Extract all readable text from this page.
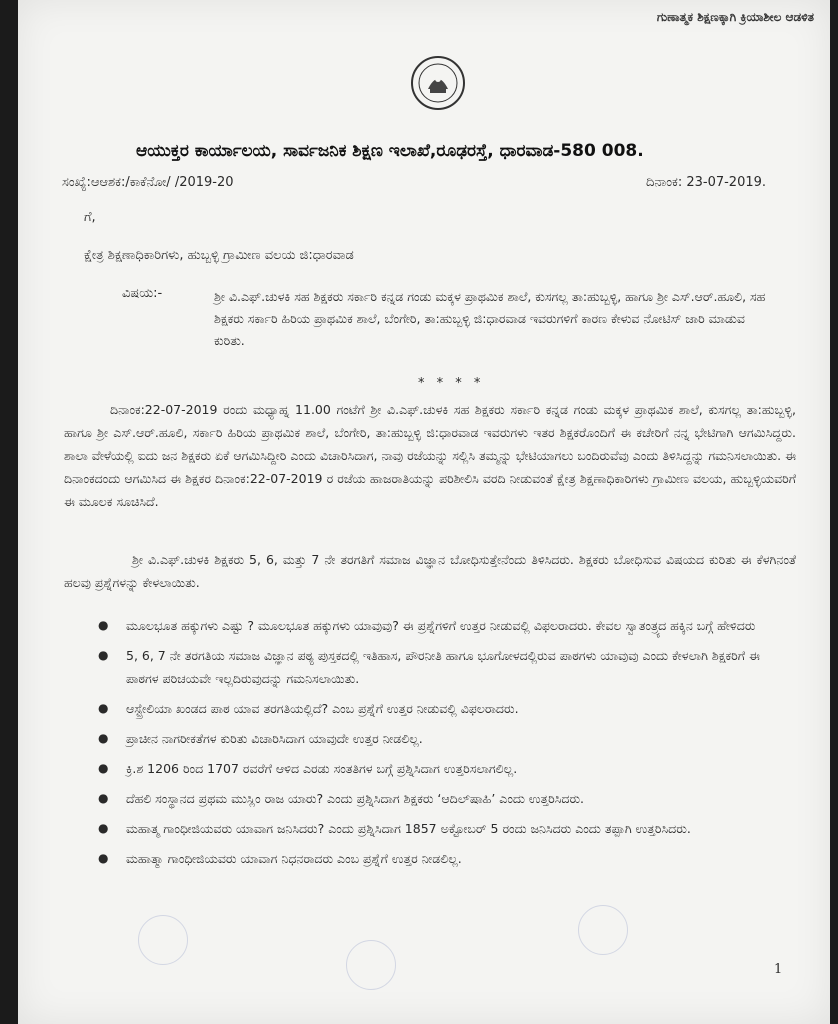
ಗುಣಾತ್ಮಕ ಶಿಕ್ಷಣಕ್ಕಾಗಿ ಕ್ರಿಯಾಶೀಲ ಆಡಳಿತ
ಆಯುಕ್ತರ ಕಾರ್ಯಾಲಯ, ಸಾರ್ವಜನಿಕ ಶಿಕ್ಷಣ ಇಲಾಖೆ,ರೂಢರಸ್ತೆ, ಧಾರವಾಡ-580 008.
ಸಂಖ್ಯೆ:ಆಆಶಕ:/ಕಾಕೆನೋ/ /2019-20	ದಿನಾಂಕ: 23-07-2019.
ಗೆ,
ಕ್ಷೇತ್ರ ಶಿಕ್ಷಣಾಧಿಕಾರಿಗಳು, ಹುಬ್ಬಳ್ಳಿ ಗ್ರಾಮೀಣ ವಲಯ ಜಿ:ಧಾರವಾಡ
ವಿಷಯ:-	ಶ್ರೀ ವಿ.ಎಫ್.ಚುಳಕಿ ಸಹ ಶಿಕ್ಷಕರು ಸರ್ಕಾರಿ ಕನ್ನಡ ಗಂಡು ಮಕ್ಕಳ ಪ್ರಾಥಮಿಕ ಶಾಲೆ, ಕುಸಗಲ್ಲ ತಾ:ಹುಬ್ಬಳ್ಳಿ, ಹಾಗೂ ಶ್ರೀ ಎಸ್.ಆರ್.ಹೂಲಿ, ಸಹ ಶಿಕ್ಷಕರು ಸರ್ಕಾರಿ ಹಿರಿಯ ಪ್ರಾಥಮಿಕ ಶಾಲೆ, ಬೆಂಗೇರಿ, ತಾ:ಹುಬ್ಬಳ್ಳಿ ಜಿ:ಧಾರವಾಡ ಇವರುಗಳಿಗೆ ಕಾರಣ ಕೇಳುವ ನೋಟಿಸ್ ಜಾರಿ ಮಾಡುವ ಕುರಿತು.
* * * *
ದಿನಾಂಕ:22-07-2019 ರಂದು ಮಧ್ಯಾಹ್ನ 11.00 ಗಂಟೆಗೆ ಶ್ರೀ ವಿ.ಎಫ್.ಚುಳಕಿ ಸಹ ಶಿಕ್ಷಕರು ಸರ್ಕಾರಿ ಕನ್ನಡ ಗಂಡು ಮಕ್ಕಳ ಪ್ರಾಥಮಿಕ ಶಾಲೆ, ಕುಸಗಲ್ಲ ತಾ:ಹುಬ್ಬಳ್ಳಿ, ಹಾಗೂ ಶ್ರೀ ಎಸ್.ಆರ್.ಹೂಲಿ, ಸರ್ಕಾರಿ ಹಿರಿಯ ಪ್ರಾಥಮಿಕ ಶಾಲೆ, ಬೆಂಗೇರಿ, ತಾ:ಹುಬ್ಬಳ್ಳಿ ಜಿ:ಧಾರವಾಡ ಇವರುಗಳು ಇತರ ಶಿಕ್ಷಕರೊಂದಿಗೆ ಈ ಕಚೇರಿಗೆ ನನ್ನ ಭೇಟಿಗಾಗಿ ಆಗಮಿಸಿದ್ದರು. ಶಾಲಾ ವೇಳೆಯಲ್ಲಿ ಐದು ಜನ ಶಿಕ್ಷಕರು ಏಕೆ ಆಗಮಿಸಿದ್ದೀರಿ ಎಂದು ವಿಚಾರಿಸಿದಾಗ, ನಾವು ರಜೆಯನ್ನು ಸಲ್ಲಿಸಿ ತಮ್ಮನ್ನು ಭೇಟಿಯಾಗಲು ಬಂದಿರುವೆವು ಎಂದು ತಿಳಿಸಿದ್ದನ್ನು ಗಮನಿಸಲಾಯಿತು. ಈ ದಿನಾಂಕದಂದು ಆಗಮಿಸಿದ ಈ ಶಿಕ್ಷಕರ ದಿನಾಂಕ:22-07-2019 ರ ರಜೆಯ ಹಾಜರಾತಿಯನ್ನು ಪರಿಶೀಲಿಸಿ ವರದಿ ನೀಡುವಂತೆ ಕ್ಷೇತ್ರ ಶಿಕ್ಷಣಾಧಿಕಾರಿಗಳು ಗ್ರಾಮೀಣ ವಲಯ, ಹುಬ್ಬಳ್ಳಿಯವರಿಗೆ ಈ ಮೂಲಕ ಸೂಚಿಸಿದೆ.
ಶ್ರೀ ವಿ.ಎಫ್.ಚುಳಕಿ ಶಿಕ್ಷಕರು 5, 6, ಮತ್ತು 7 ನೇ ತರಗತಿಗೆ ಸಮಾಜ ವಿಜ್ಞಾನ ಬೋಧಿಸುತ್ತೇನೆಂದು ತಿಳಿಸಿದರು. ಶಿಕ್ಷಕರು ಬೋಧಿಸುವ ವಿಷಯದ ಕುರಿತು ಈ ಕೆಳಗಿನಂತೆ ಹಲವು ಪ್ರಶ್ನೆಗಳನ್ನು ಕೇಳಲಾಯಿತು.
● ಮೂಲಭೂತ ಹಕ್ಕುಗಳು ಎಷ್ಟು ? ಮೂಲಭೂತ ಹಕ್ಕುಗಳು ಯಾವುವು? ಈ ಪ್ರಶ್ನೆಗಳಿಗೆ ಉತ್ತರ ನೀಡುವಲ್ಲಿ ವಿಫಲರಾದರು. ಕೇವಲ ಸ್ವಾತಂತ್ರ್ಯದ ಹಕ್ಕಿನ ಬಗ್ಗೆ ಹೇಳಿದರು
● 5, 6, 7 ನೇ ತರಗತಿಯ ಸಮಾಜ ವಿಜ್ಞಾನ ಪಠ್ಯ ಪುಸ್ತಕದಲ್ಲಿ ಇತಿಹಾಸ, ಪೌರನೀತಿ ಹಾಗೂ ಭೂಗೋಳದಲ್ಲಿರುವ ಪಾಠಗಳು ಯಾವುವು ಎಂದು ಕೇಳಲಾಗಿ ಶಿಕ್ಷಕರಿಗೆ ಈ ಪಾಠಗಳ ಪರಿಚಯವೇ ಇಲ್ಲದಿರುವುದನ್ನು ಗಮನಿಸಲಾಯಿತು.
● ಆಸ್ಟ್ರೇಲಿಯಾ ಖಂಡದ ಪಾಠ ಯಾವ ತರಗತಿಯಲ್ಲಿದೆ? ಎಂಬ ಪ್ರಶ್ನೆಗೆ ಉತ್ತರ ನೀಡುವಲ್ಲಿ ವಿಫಲರಾದರು.
● ಪ್ರಾಚೀನ ನಾಗರೀಕತೆಗಳ ಕುರಿತು ವಿಚಾರಿಸಿದಾಗ ಯಾವುದೇ ಉತ್ತರ ನೀಡಲಿಲ್ಲ.
● ಕ್ರಿ.ಶ 1206 ರಿಂದ 1707 ರವರೆಗೆ ಆಳಿದ ಎರಡು ಸಂತತಿಗಳ ಬಗ್ಗೆ ಪ್ರಶ್ನಿಸಿದಾಗ ಉತ್ತರಿಸಲಾಗಲಿಲ್ಲ.
● ದೆಹಲಿ ಸಂಸ್ಥಾನದ ಪ್ರಥಮ ಮುಸ್ಲಿಂ ರಾಜ ಯಾರು? ಎಂದು ಪ್ರಶ್ನಿಸಿದಾಗ ಶಿಕ್ಷಕರು ‘ಆದಿಲ್‌ಷಾಹಿ’ ಎಂದು ಉತ್ತರಿಸಿದರು.
● ಮಹಾತ್ಮ ಗಾಂಧೀಜಿಯವರು ಯಾವಾಗ ಜನಿಸಿದರು? ಎಂದು ಪ್ರಶ್ನಿಸಿದಾಗ 1857 ಅಕ್ಟೋಬರ್ 5 ರಂದು ಜನಿಸಿದರು ಎಂದು ತಪ್ಪಾಗಿ ಉತ್ತರಿಸಿದರು.
● ಮಹಾತ್ಮಾ ಗಾಂಧೀಜಿಯವರು ಯಾವಾಗ ನಿಧನರಾದರು ಎಂಬ ಪ್ರಶ್ನೆಗೆ ಉತ್ತರ ನೀಡಲಿಲ್ಲ.
1
